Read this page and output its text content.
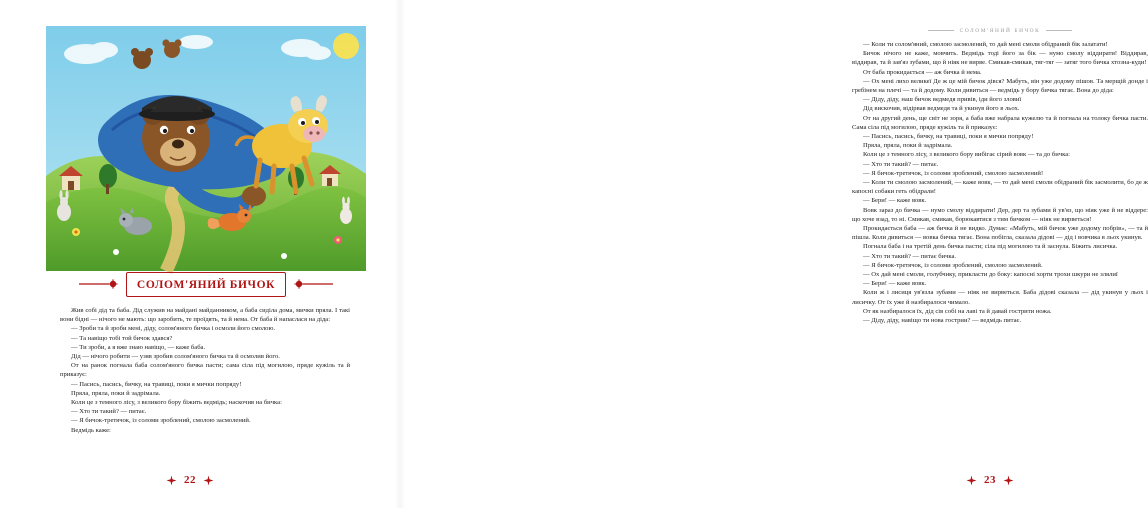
СОЛОМ'ЯНИЙ БИЧОК

Жив собі дід та баба. Дід служив на майдані майданником, а баба сиділа дома, мички пряла. І такі вони бідні — нічого не мають: що заробить, те проїдять, та й нема. От баба й напаслася на діда:

— Зроби та й зроби мені, діду, солом'яного бичка і осмоли його смолою.

— Та навіщо тобі той бичок здався?

— Ти зроби, а я вже знаю навіщо, — каже баба.

Дід — нічого робити — узяв зробив солом'яного бичка та й осмолив його.

От на ранок погнала баба солом'яного бичка пасти; сама сіла під могилою, пряде кужіль та й приказує:

— Пасись, пасись, бичку, на травиці, поки я мички попряду!

Пряла, пряла, поки й задрімала.

Коли це з темного лісу, з великого бору біжить ведмідь; наскочив на бичка:

— Хто ти такий? — питає.

— Я бичок-третячок, із соломи зроблений, смолою засмолений.

Ведмідь каже:

22
СОЛОМ'ЯНИЙ БИЧОК

— Коли ти солом'яний, смолою засмолений, то дай мені смоли обідраний бік залатати!

Бичок нічого не каже, мовчить. Ведмідь тоді його за бік — нумо смолу віддирати! Віддирав, віддирав, та й зав'яз зубами, що й ніяк не вирве. Смикав-смикав, тяг-тяг — затяг того бичка хтозна-куди!

От баба прокидається — аж бичка й нема.

— Ох мені лихо великеї Де ж це мій бичок дівся? Мабуть, він уже додому пішов. Та мерщій донде і гребінем на плечі — та й додому. Коли дивиться — ведмідь у бору бичка тягає. Вона до діда:

— Діду, діду, наш бичок ведмедя привів, іди його зловиї

Дід вискочив, відірвав ведмедя та й укинув його в льох.

От на другий день, ще світ не зоря, а баба вже набрала кужелю та й погнала на толоку бичка пасти. Сама сіла під могилою, пряде кужіль та й приказує:

— Пасись, пасись, бичку, на травиці, поки я мички попряду!

Пряла, пряла, поки й задрімала.

Коли це з темного лісу, з великого бору вибігає сірий вовк — та до бичка:

— Хто ти такий? — питає.

— Я бичок-третячок, із соломи зроблений, смолою засмолений!

— Коли ти смолою засмолений, — каже вовк, — то дай мені смоли обідраний бік засмолити, бо де ж капосні собаки геть обідрали!

— Бери! — каже вовк.

Вовк зараз до бичка — нумо смолу віддирати! Дер, дер та зубами й ув'яз, що ніяк уже й не віддере: що хоче взад, то ні. Смикав, смикав, борюкавтися з тим бичком — ніяк не вирветься!

Прокидається баба — аж бичка й не видко. Думає: «Мабуть, мій бичок уже додому побрів», — та й пішла. Коли дивиться — вовка бичка тягає. Вона побігла, сказала дідові — дід і вовчика в льох укинув.

Погнала баба і на третій день бичка пасти; сіла під могилою та й заснула. Біжить лисичка.

— Хто ти такий? — питає бичка.

— Я бичок-третячок, із соломи зроблений, смолою засмолений.

— Ох дай мені смоли, голубчику, прикласти до боку: капосні хорти трохи шкури не злялиї

— Бери! — каже вовк.

Коли ж і лисиця ув'язла зубами — ніяк не вирветься. Баба дідові сказала — дід укинув у льох і лисичку. От їх уже й назбиралося чимало.

От як назбиралося їх, дід сів собі на лаві та й давай гострити ножа.

— Діду, діду, навіщо ти нова гострии? — ведмідь питає.

23
